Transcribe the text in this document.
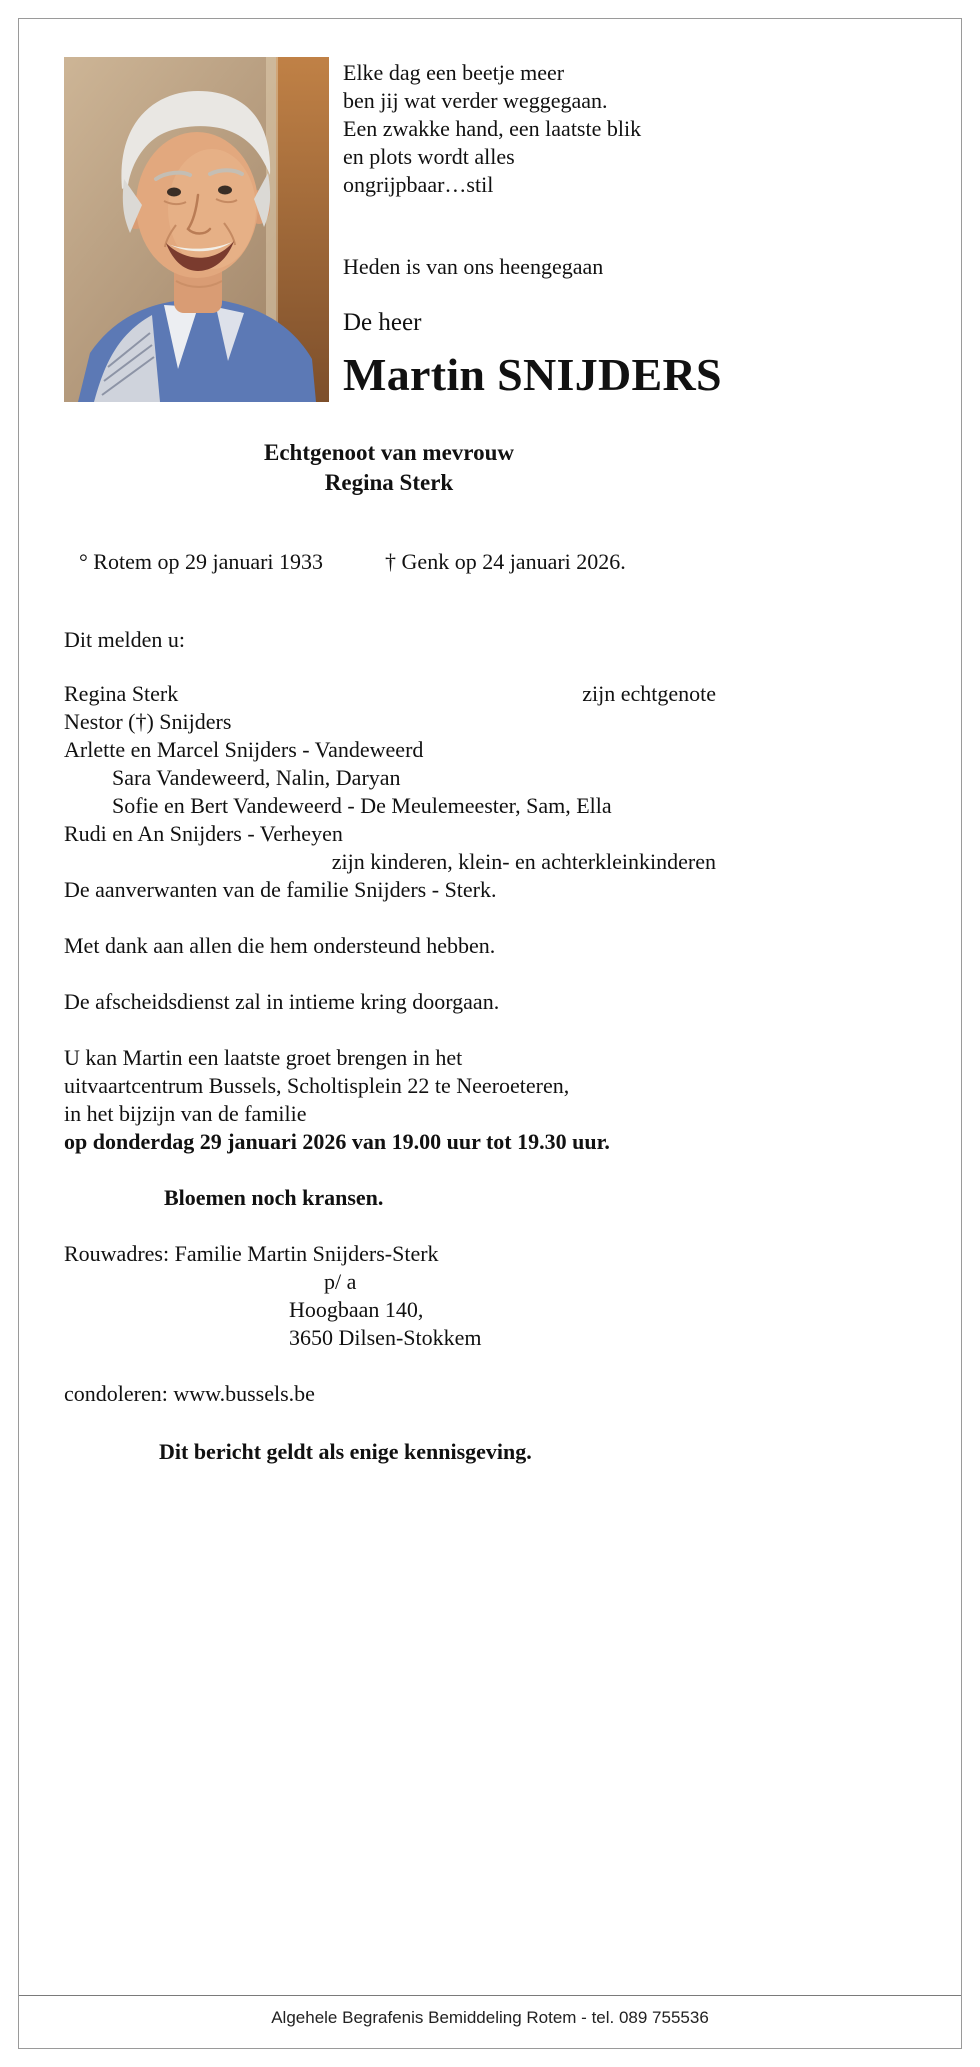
Elke dag een beetje meer
ben jij wat verder weggegaan.
Een zwakke hand, een laatste blik
en plots wordt alles
ongrijpbaar…stil
Heden is van ons heengegaan
De heer
Martin SNIJDERS
Echtgenoot van mevrouw
Regina Sterk
° Rotem op 29 januari 1933	† Genk op 24 januari 2026.
Dit melden u:
Regina Sterk	zijn echtgenote
Nestor (†) Snijders
Arlette en Marcel Snijders - Vandeweerd
Sara Vandeweerd, Nalin, Daryan
Sofie en Bert Vandeweerd - De Meulemeester, Sam, Ella
Rudi en An Snijders - Verheyen
zijn kinderen, klein- en achterkleinkinderen
De aanverwanten van de familie Snijders - Sterk.
Met dank aan allen die hem ondersteund hebben.
De afscheidsdienst zal in intieme kring doorgaan.
U kan Martin een laatste groet brengen in het
uitvaartcentrum Bussels, Scholtisplein 22 te Neeroeteren,
in het bijzijn van de familie
op donderdag 29 januari 2026 van 19.00 uur tot 19.30 uur.
Bloemen noch kransen.
Rouwadres: Familie Martin Snijders-Sterk
p/ a
Hoogbaan 140,
3650 Dilsen-Stokkem
condoleren: www.bussels.be
Dit bericht geldt als enige kennisgeving.
Algehele Begrafenis Bemiddeling Rotem - tel. 089 755536
